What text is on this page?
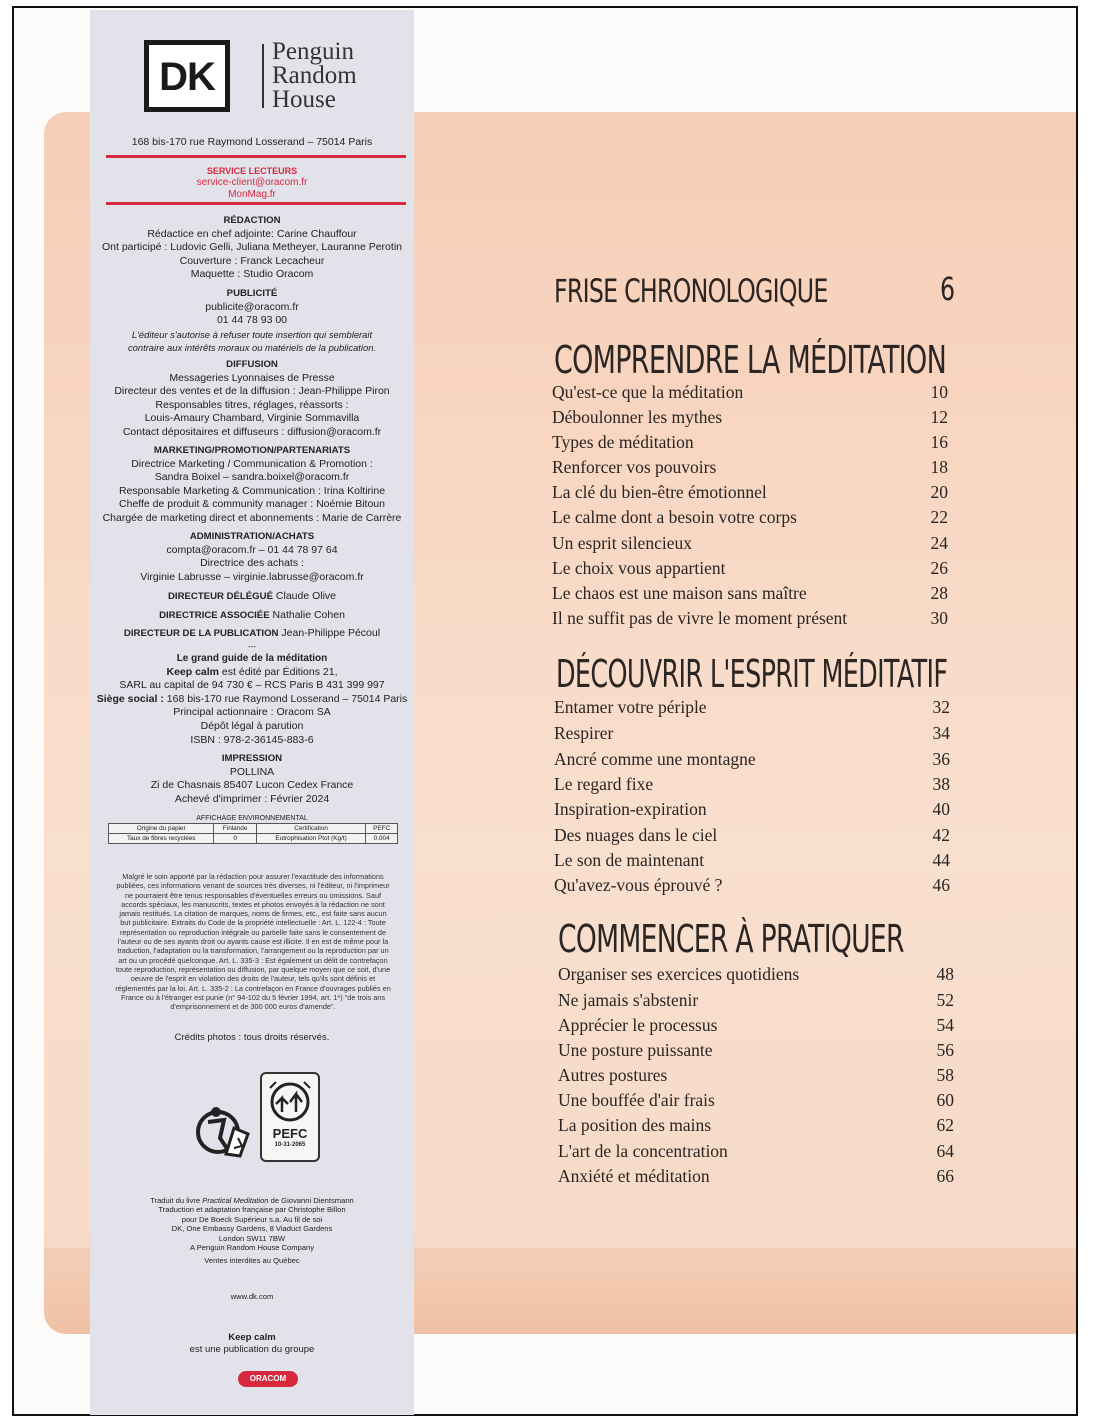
DK
Penguin
Random
House
168 bis-170 rue Raymond Losserand – 75014 Paris
SERVICE LECTEURS
service-client@oracom.fr
MonMag.fr
RÉDACTION
Rédactice en chef adjointe: Carine Chauffour
Ont participé : Ludovic Gelli, Juliana Metheyer, Lauranne Perotin
Couverture : Franck Lecacheur
Maquette : Studio Oracom
PUBLICITÉ
publicite@oracom.fr
01 44 78 93 00
L'éditeur s'autorise à refuser toute insertion qui semblerait
contraire aux intérêts moraux ou matériels de la publication.
DIFFUSION
Messageries Lyonnaises de Presse
Directeur des ventes et de la diffusion : Jean-Philippe Piron
Responsables titres, réglages, réassorts :
Louis-Amaury Chambard, Virginie Sommavilla
Contact dépositaires et diffuseurs : diffusion@oracom.fr
MARKETING/PROMOTION/PARTENARIATS
Directrice Marketing / Communication & Promotion :
Sandra Boixel – sandra.boixel@oracom.fr
Responsable Marketing & Communication : Irina Koltirine
Cheffe de produit & community manager : Noémie Bitoun
Chargée de marketing direct et abonnements : Marie de Carrère
ADMINISTRATION/ACHATS
compta@oracom.fr – 01 44 78 97 64
Directrice des achats :
Virginie Labrusse – virginie.labrusse@oracom.fr
DIRECTEUR DÉLÉGUÉ Claude Olive
DIRECTRICE ASSOCIÉE Nathalie Cohen
DIRECTEUR DE LA PUBLICATION Jean-Philippe Pécoul
---
Le grand guide de la méditation
Keep calm est édité par Éditions 21,
SARL au capital de 94 730 € – RCS Paris B 431 399 997
Siège social : 168 bis-170 rue Raymond Losserand – 75014 Paris
Principal actionnaire : Oracom SA
Dépôt légal à parution
ISBN : 978-2-36145-883-6
IMPRESSION
POLLINA
Zi de Chasnais 85407 Lucon Cedex France
Achevé d'imprimer : Février 2024
AFFICHAGE ENVIRONNEMENTAL
Origine du papier	Finlande	Certification	PEFC
Taux de fibres recyclées	0	Eutrophisation Ptot (Kg/t)	0.004
Malgré le soin apporté par la rédaction pour assurer l'exactitude des informations publiées, ces informations venant de sources très diverses, ni l'éditeur, ni l'imprimeur ne pourraient être tenus responsables d'éventuelles erreurs ou omissions. Sauf accords spéciaux, les manuscrits, textes et photos envoyés à la rédaction ne sont jamais restitués. La citation de marques, noms de firmes, etc., est faite sans aucun but publicitaire. Extraits du Code de la propriété intellectuelle : Art. L. 122-4 : Toute représentation ou reproduction intégrale ou partielle faite sans le consentement de l'auteur ou de ses ayants droit ou ayants cause est illicite. Il en est de même pour la traduction, l'adaptation ou la transformation, l'arrangement ou la reproduction par un art ou un procédé quelconque. Art. L. 335-3 : Est également un délit de contrefaçon toute reproduction, représentation ou diffusion, par quelque moyen que ce soit, d'une oeuvre de l'esprit en violation des droits de l'auteur, tels qu'ils sont définis et réglementés par la loi. Art. L. 335-2 : La contrefaçon en France d'ouvrages publiés en France ou à l'étranger est punie (n° 94-102 du 5 février 1994, art. 1*) "de trois ans d'emprisonnement et de 300 000 euros d'amende".
Crédits photos : tous droits réservés.
PEFC
10-31-2065
Traduit du livre Practical Meditation de Giovanni Dientsmann
Traduction et adaptation française par Christophe Billon
pour De Boeck Supérieur s.a. Au fil de soi
DK, One Embassy Gardens, 8 Viaduct Gardens
London SW11 7BW
A Penguin Random House Company
Ventes interdites au Québec
www.dk.com
Keep calm
est une publication du groupe
ORACOM
FRISE CHRONOLOGIQUE	6
COMPRENDRE LA MÉDITATION
Qu'est-ce que la méditation	10
Déboulonner les mythes	12
Types de méditation	16
Renforcer vos pouvoirs	18
La clé du bien-être émotionnel	20
Le calme dont a besoin votre corps	22
Un esprit silencieux	24
Le choix vous appartient	26
Le chaos est une maison sans maître	28
Il ne suffit pas de vivre le moment présent	30
DÉCOUVRIR L'ESPRIT MÉDITATIF
Entamer votre périple	32
Respirer	34
Ancré comme une montagne	36
Le regard fixe	38
Inspiration-expiration	40
Des nuages dans le ciel	42
Le son de maintenant	44
Qu'avez-vous éprouvé ?	46
COMMENCER À PRATIQUER
Organiser ses exercices quotidiens	48
Ne jamais s'abstenir	52
Apprécier le processus	54
Une posture puissante	56
Autres postures	58
Une bouffée d'air frais	60
La position des mains	62
L'art de la concentration	64
Anxiété et méditation	66
